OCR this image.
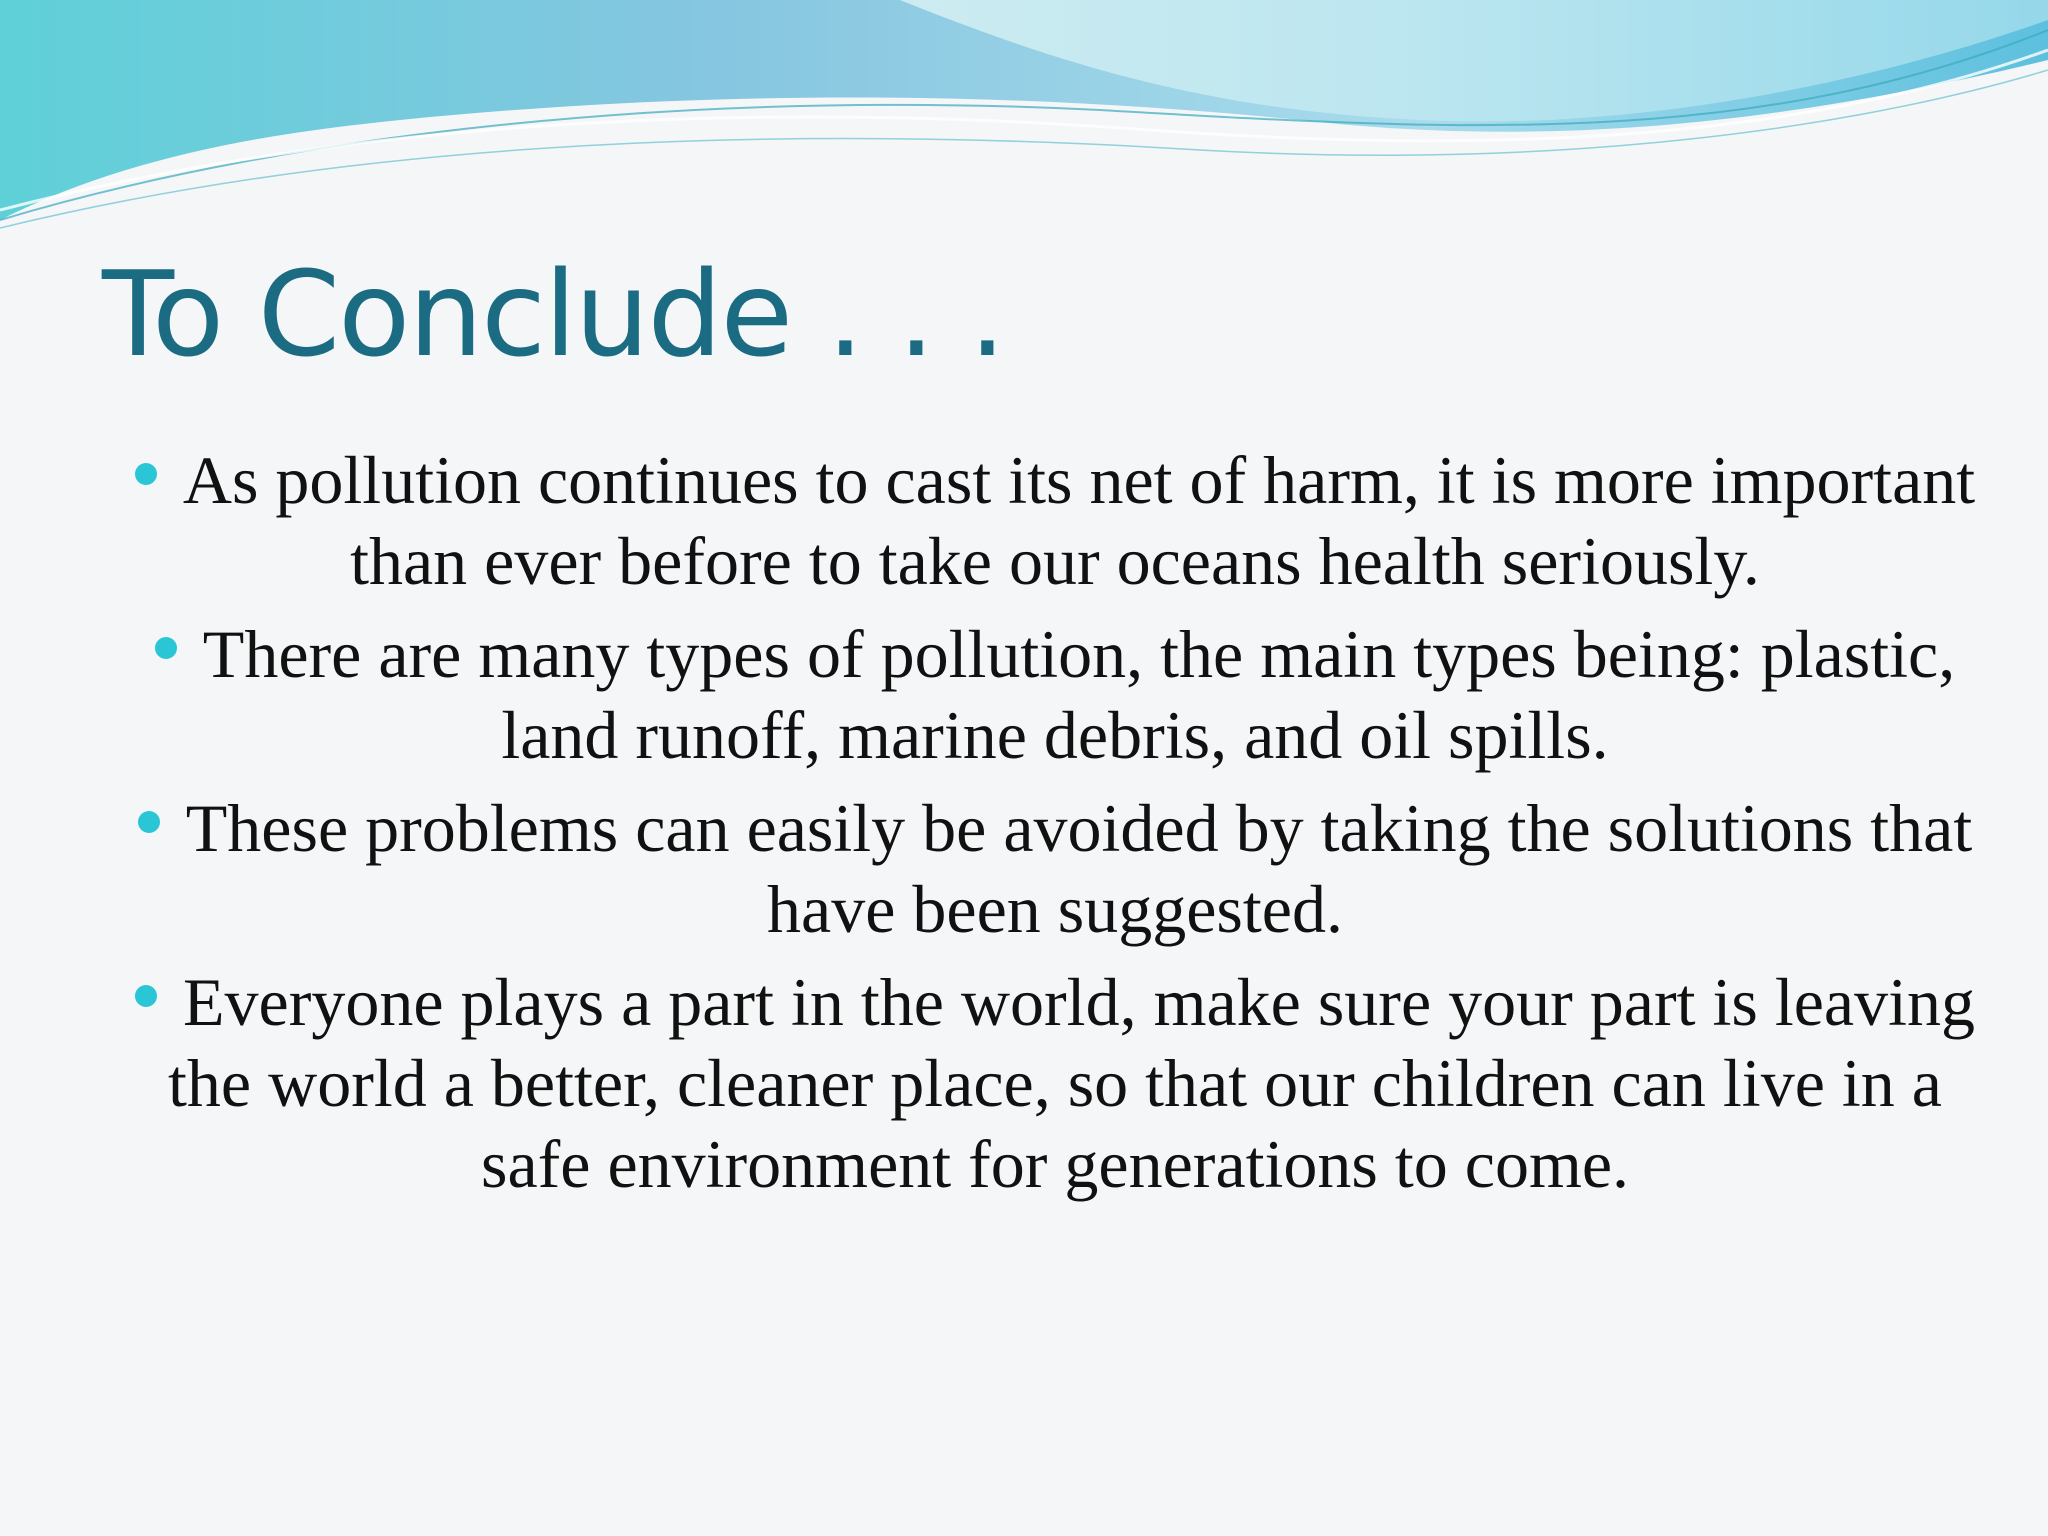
To Conclude . . .
As pollution continues to cast its net of harm, it is more important than ever before to take our oceans health seriously.
There are many types of pollution, the main types being: plastic, land runoff, marine debris, and oil spills.
These problems can easily be avoided by taking the solutions that have been suggested.
Everyone plays a part in the world, make sure your part is leaving the world a better, cleaner place, so that our children can live in a safe environment for generations to come.
